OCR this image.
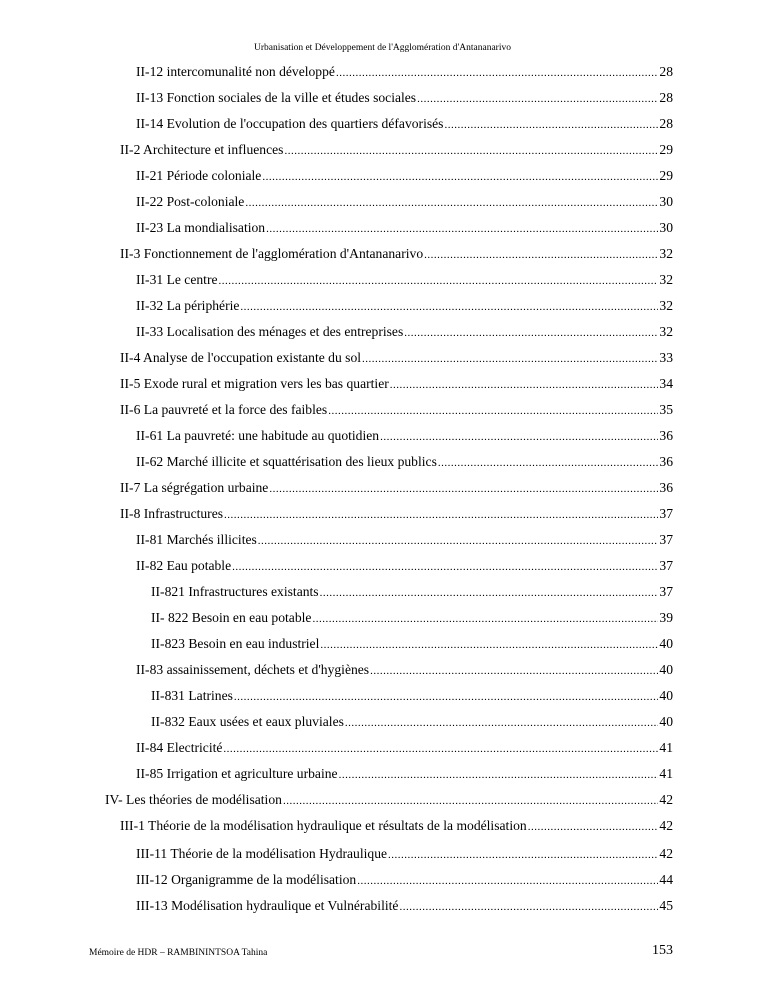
Urbanisation et Développement de l'Agglomération d'Antananarivo
II-12 intercomunalité non développé .....	28
II-13 Fonction sociales de la ville et études sociales .....	28
II-14 Evolution de l'occupation des quartiers défavorisés .....	28
II-2 Architecture et influences .....	29
II-21 Période coloniale .....	29
II-22 Post-coloniale .....	30
II-23 La mondialisation .....	30
II-3 Fonctionnement de l'agglomération d'Antananarivo .....	32
II-31 Le centre .....	32
II-32 La périphérie .....	32
II-33 Localisation des ménages et des entreprises .....	32
II-4 Analyse de l'occupation existante du sol .....	33
II-5 Exode rural et migration vers les bas quartier .....	34
II-6 La pauvreté et la force des faibles .....	35
II-61 La pauvreté: une habitude au quotidien .....	36
II-62 Marché illicite et squattérisation des lieux publics .....	36
II-7 La ségrégation urbaine .....	36
II-8 Infrastructures .....	37
II-81 Marchés illicites .....	37
II-82 Eau potable .....	37
II-821 Infrastructures existants .....	37
II- 822 Besoin en eau potable .....	39
II-823 Besoin en eau industriel .....	40
II-83 assainissement, déchets et d'hygiènes .....	40
II-831 Latrines .....	40
II-832 Eaux usées et eaux pluviales .....	40
II-84 Electricité .....	41
II-85 Irrigation et agriculture urbaine .....	41
IV- Les théories de modélisation .....	42
III-1 Théorie de la modélisation hydraulique et résultats de la modélisation .....	42
III-11 Théorie de la modélisation Hydraulique .....	42
III-12 Organigramme de la modélisation .....	44
III-13 Modélisation hydraulique et Vulnérabilité .....	45
Mémoire de HDR – RAMBININTSOA Tahina	153
